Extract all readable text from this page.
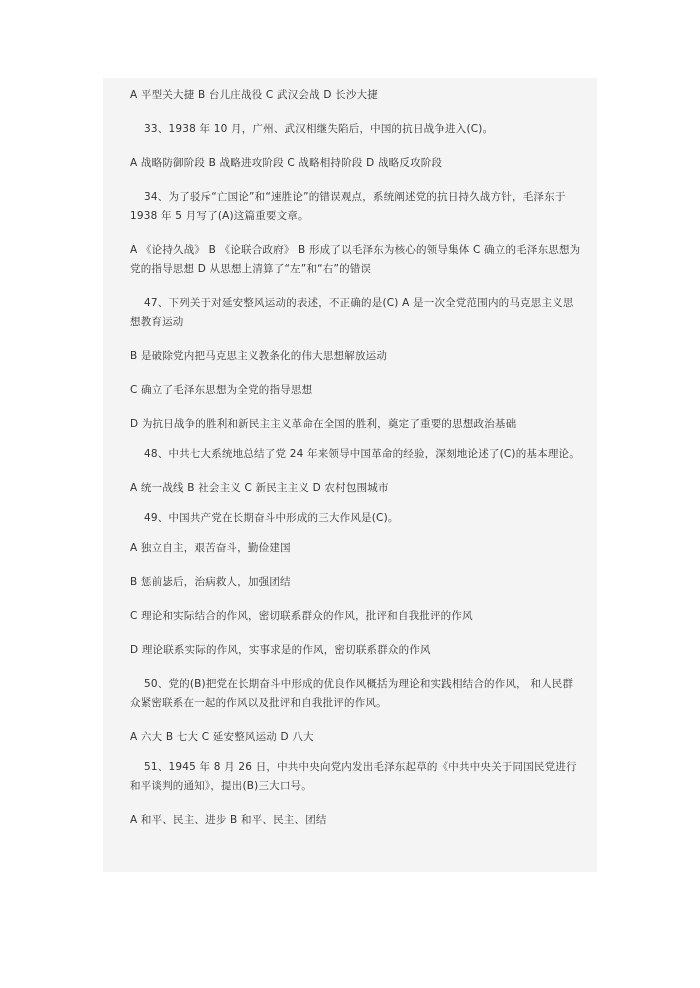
A 平型关大捷 B 台儿庄战役 C 武汉会战 D 长沙大捷

33、1938 年 10 月，广州、武汉相继失陷后，中国的抗日战争进入(C)。

A 战略防御阶段 B 战略进攻阶段 C 战略相持阶段 D 战略反攻阶段

34、为了驳斥“亡国论”和“速胜论”的错误观点，系统阐述党的抗日持久战方针，毛泽东于 1938 年 5 月写了(A)这篇重要文章。

A 《论持久战》 B 《论联合政府》 B 形成了以毛泽东为核心的领导集体 C 确立的毛泽东思想为党的指导思想 D 从思想上清算了“左”和“右”的错误

47、下列关于对延安整风运动的表述，不正确的是(C) A 是一次全党范围内的马克思主义思想教育运动

B 是破除党内把马克思主义教条化的伟大思想解放运动

C 确立了毛泽东思想为全党的指导思想

D 为抗日战争的胜利和新民主主义革命在全国的胜利，奠定了重要的思想政治基础

48、中共七大系统地总结了党 24 年来领导中国革命的经验，深刻地论述了(C)的基本理论。

A 统一战线 B 社会主义 C 新民主主义 D 农村包围城市

49、中国共产党在长期奋斗中形成的三大作风是(C)。

A 独立自主，艰苦奋斗，勤俭建国

B 惩前毖后，治病救人，加强团结

C 理论和实际结合的作风，密切联系群众的作风，批评和自我批评的作风

D 理论联系实际的作风，实事求是的作风，密切联系群众的作风

50、党的(B)把党在长期奋斗中形成的优良作风概括为理论和实践相结合的作风， 和人民群众紧密联系在一起的作风以及批评和自我批评的作风。

A 六大 B 七大 C 延安整风运动 D 八大

51、1945 年 8 月 26 日，中共中央向党内发出毛泽东起草的《中共中央关于同国民党进行和平谈判的通知》，提出(B)三大口号。

A 和平、民主、进步 B 和平、民主、团结
